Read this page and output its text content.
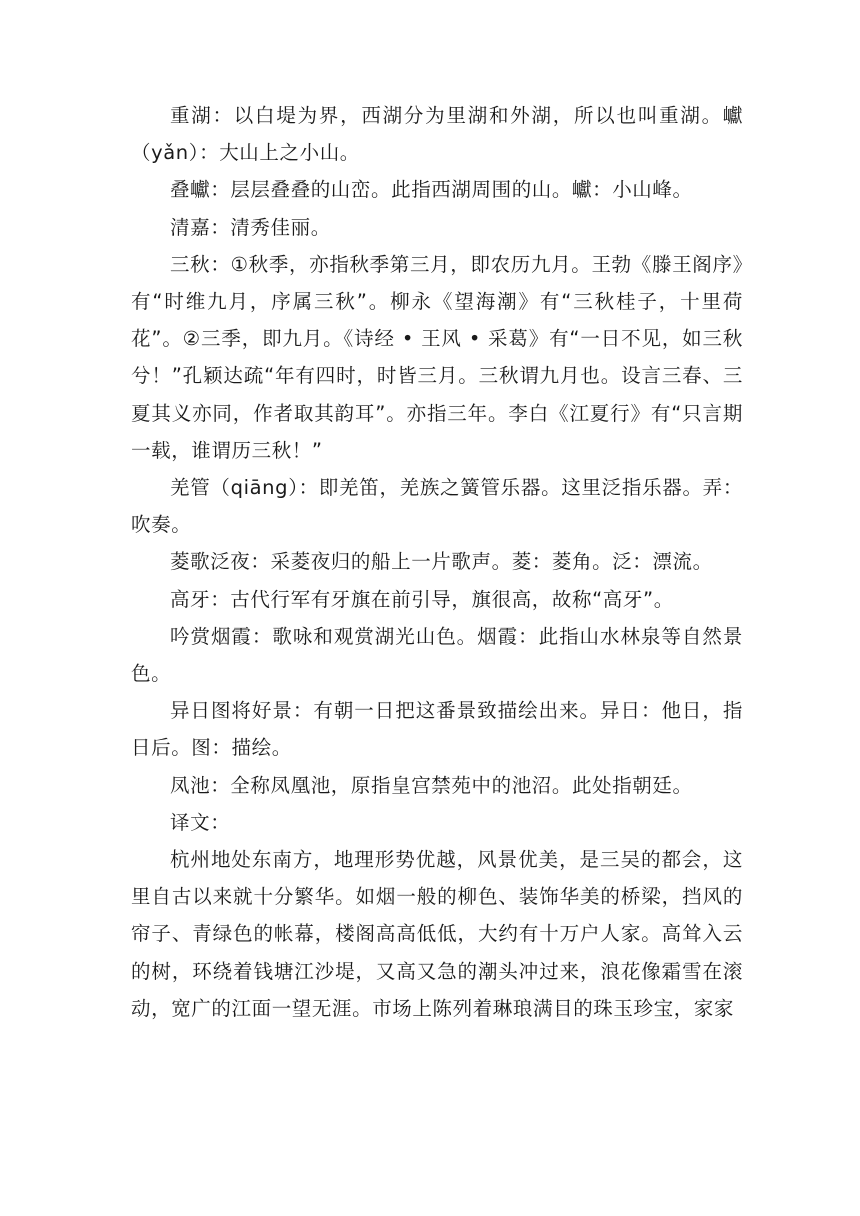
重湖：以白堤为界，西湖分为里湖和外湖，所以也叫重湖。巘（yǎn）：大山上之小山。

叠巘：层层叠叠的山峦。此指西湖周围的山。巘：小山峰。

清嘉：清秀佳丽。

三秋：①秋季，亦指秋季第三月，即农历九月。王勃《滕王阁序》有“时维九月，序属三秋”。柳永《望海潮》有“三秋桂子，十里荷花”。②三季，即九月。《诗经 • 王风 • 采葛》有“一日不见，如三秋兮！”孔颖达疏“年有四时，时皆三月。三秋谓九月也。设言三春、三夏其义亦同，作者取其韵耳”。亦指三年。李白《江夏行》有“只言期一载，谁谓历三秋！”

羌管（qiāng）：即羌笛，羌族之簧管乐器。这里泛指乐器。弄：吹奏。

菱歌泛夜：采菱夜归的船上一片歌声。菱：菱角。泛：漂流。

高牙：古代行军有牙旗在前引导，旗很高，故称“高牙”。

吟赏烟霞：歌咏和观赏湖光山色。烟霞：此指山水林泉等自然景色。

异日图将好景：有朝一日把这番景致描绘出来。异日：他日，指日后。图：描绘。

凤池：全称凤凰池，原指皇宫禁苑中的池沼。此处指朝廷。

译文：

杭州地处东南方，地理形势优越，风景优美，是三吴的都会，这里自古以来就十分繁华。如烟一般的柳色、装饰华美的桥梁，挡风的帘子、青绿色的帐幕，楼阁高高低低，大约有十万户人家。高耸入云的树，环绕着钱塘江沙堤，又高又急的潮头冲过来，浪花像霜雪在滚动，宽广的江面一望无涯。市场上陈列着琳琅满目的珠玉珍宝，家家
